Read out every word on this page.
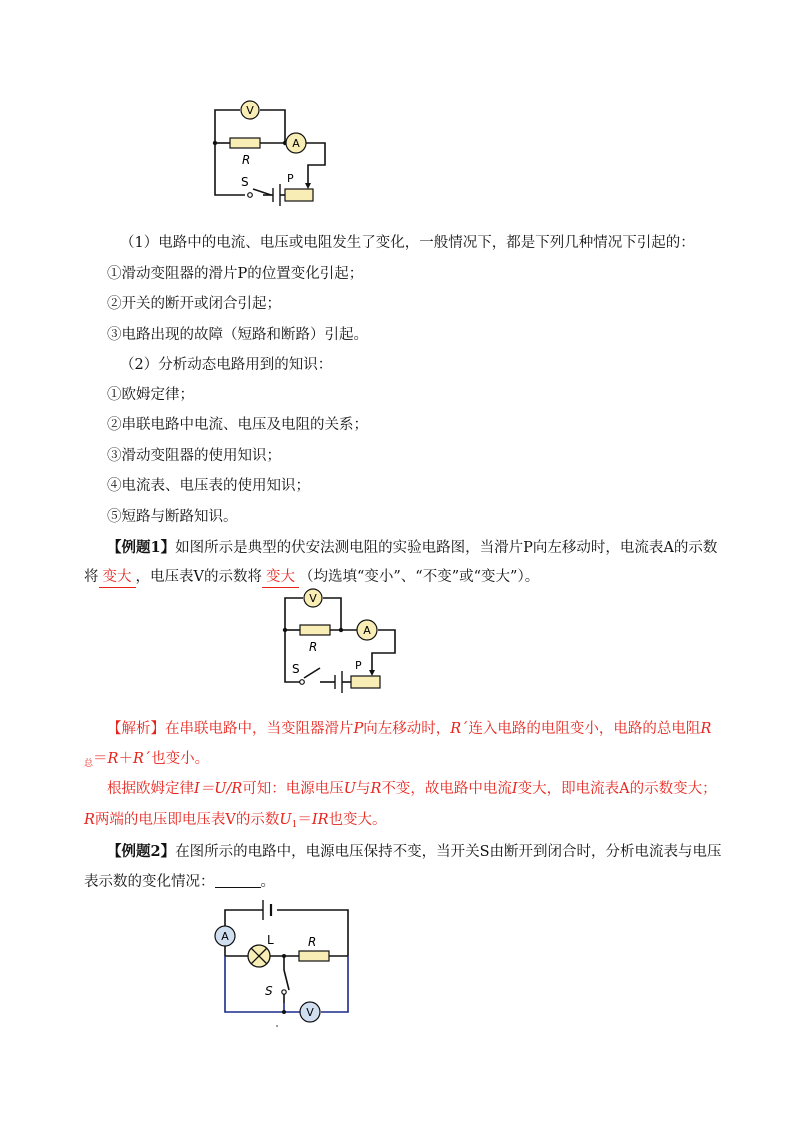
V
A
R
S	P
（1）电路中的电流、电压或电阻发生了变化，一般情况下，都是下列几种情况下引起的：
①滑动变阻器的滑片P的位置变化引起；
②开关的断开或闭合引起；
③电路出现的故障（短路和断路）引起。
（2）分析动态电路用到的知识：
①欧姆定律；
②串联电路中电流、电压及电阻的关系；
③滑动变阻器的使用知识；
④电流表、电压表的使用知识；
⑤短路与断路知识。
【例题1】如图所示是典型的伏安法测电阻的实验电路图，当滑片P向左移动时，电流表A的示数
将 变大 ，电压表V的示数将 变大 （均选填“变小”、“不变”或“变大”）。
V
A
R
S	P
【解析】在串联电路中，当变阻器滑片P向左移动时，R´连入电路的电阻变小，电路的总电阻R
$_总$＝R＋R´也变小。
根据欧姆定律I＝U/R可知：电源电压U与R不变，故电路中电流I变大，即电流表A的示数变大；
R两端的电压即电压表V的示数$U_1=IR$也变大。
【例题2】在图所示的电路中，电源电压保持不变，当开关S由断开到闭合时，分析电流表与电压
表示数的变化情况：	。
A	L	R
S
V
